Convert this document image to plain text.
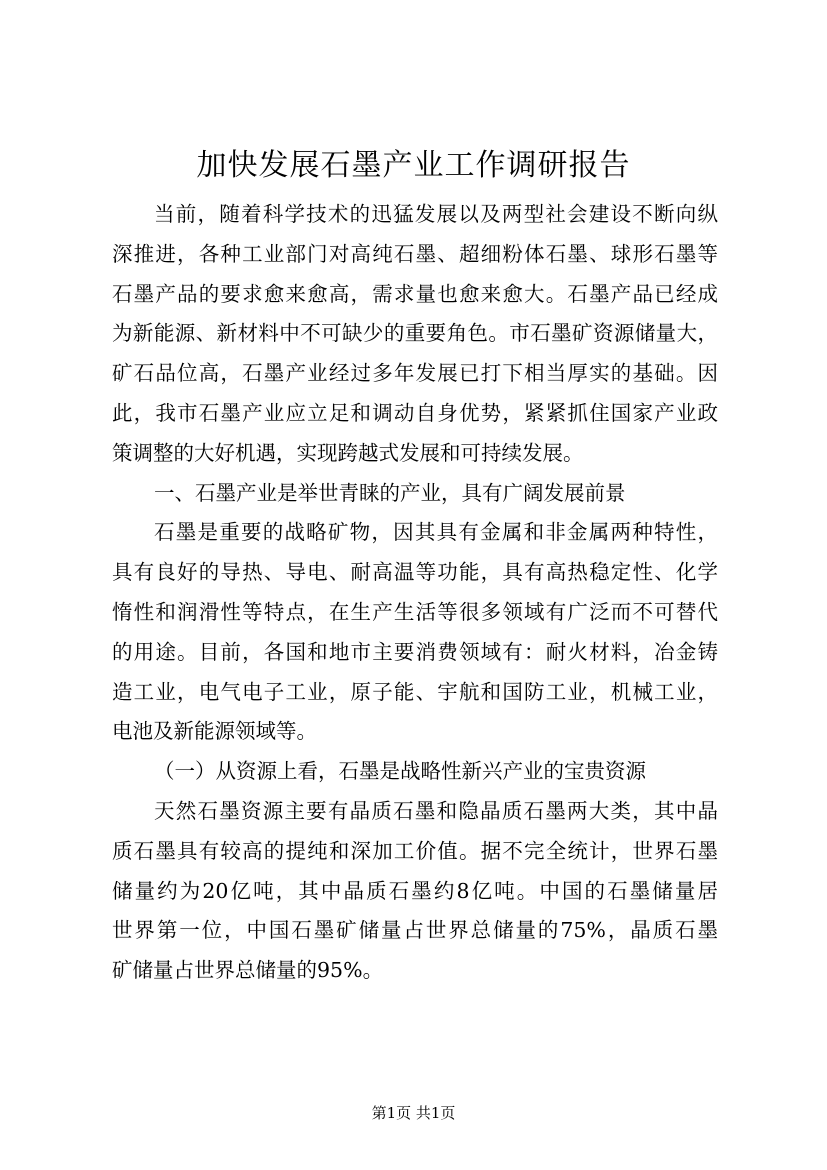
加快发展石墨产业工作调研报告
当前，随着科学技术的迅猛发展以及两型社会建设不断向纵
深推进，各种工业部门对高纯石墨、超细粉体石墨、球形石墨等
石墨产品的要求愈来愈高，需求量也愈来愈大。石墨产品已经成
为新能源、新材料中不可缺少的重要角色。市石墨矿资源储量大，
矿石品位高，石墨产业经过多年发展已打下相当厚实的基础。因
此，我市石墨产业应立足和调动自身优势，紧紧抓住国家产业政
策调整的大好机遇，实现跨越式发展和可持续发展。
一、石墨产业是举世青睐的产业，具有广阔发展前景
石墨是重要的战略矿物，因其具有金属和非金属两种特性，
具有良好的导热、导电、耐高温等功能，具有高热稳定性、化学
惰性和润滑性等特点，在生产生活等很多领域有广泛而不可替代
的用途。目前，各国和地市主要消费领域有：耐火材料，冶金铸
造工业，电气电子工业，原子能、宇航和国防工业，机械工业，
电池及新能源领域等。
（一）从资源上看，石墨是战略性新兴产业的宝贵资源
天然石墨资源主要有晶质石墨和隐晶质石墨两大类，其中晶
质石墨具有较高的提纯和深加工价值。据不完全统计，世界石墨
储量约为20亿吨，其中晶质石墨约8亿吨。中国的石墨储量居
世界第一位，中国石墨矿储量占世界总储量的75%，晶质石墨
矿储量占世界总储量的95%。
第1页 共1页
